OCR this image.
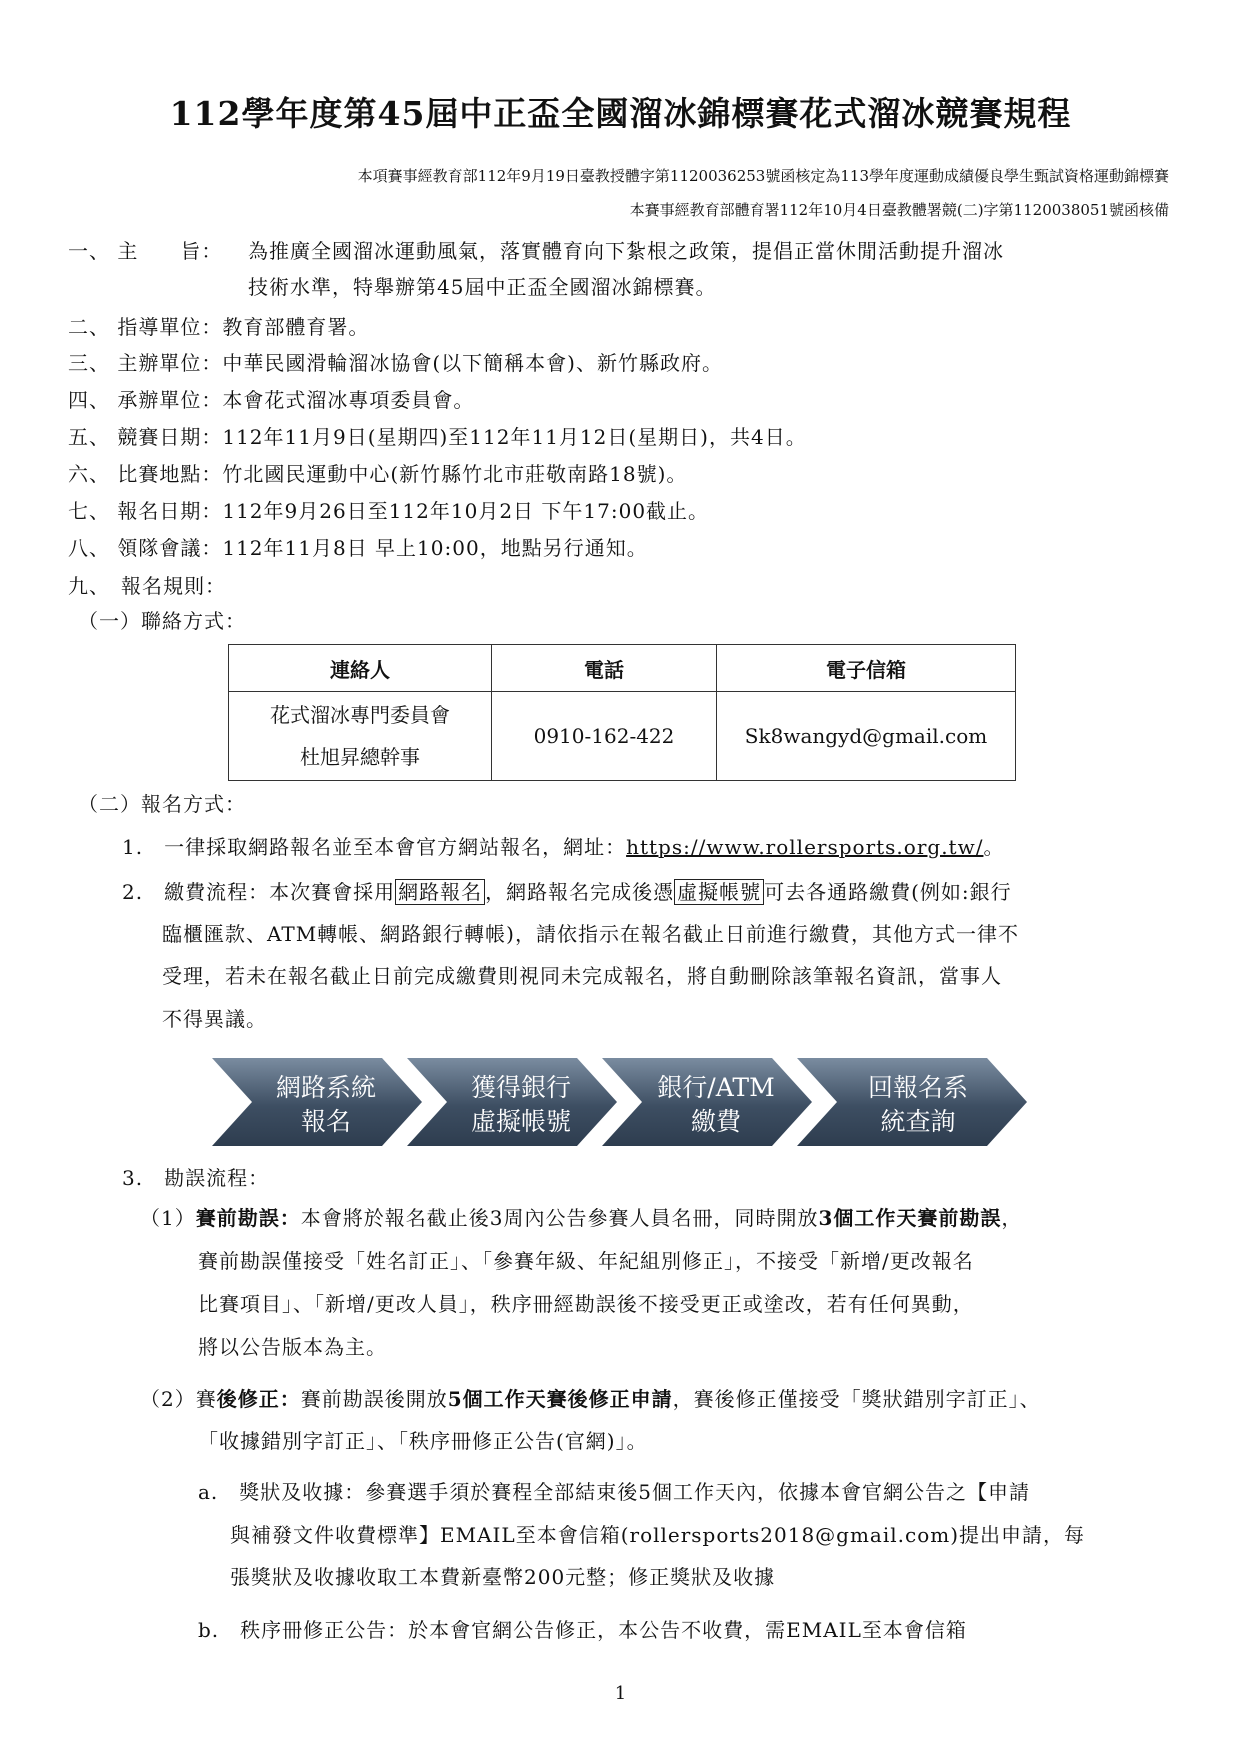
112學年度第45屆中正盃全國溜冰錦標賽花式溜冰競賽規程
本項賽事經教育部112年9月19日臺教授體字第1120036253號函核定為113學年度運動成績優良學生甄試資格運動錦標賽
本賽事經教育部體育署112年10月4日臺教體署競(二)字第1120038051號函核備
一、 主　　旨： 為推廣全國溜冰運動風氣，落實體育向下紮根之政策，提倡正當休閒活動提升溜冰
技術水準，特舉辦第45屆中正盃全國溜冰錦標賽。
二、 指導單位：教育部體育署。
三、 主辦單位：中華民國滑輪溜冰協會(以下簡稱本會)、新竹縣政府。
四、 承辦單位：本會花式溜冰專項委員會。
五、 競賽日期：112年11月9日(星期四)至112年11月12日(星期日)，共4日。
六、 比賽地點：竹北國民運動中心(新竹縣竹北市莊敬南路18號)。
七、 報名日期：112年9月26日至112年10月2日 下午17:00截止。
八、 領隊會議：112年11月8日 早上10:00，地點另行通知。
九、　報名規則：
（一）聯絡方式：
連絡人	電話	電子信箱

花式溜冰專門委員會
杜旭昇總幹事	0910-162-422	Sk8wangyd@gmail.com
（二）報名方式：
1.　一律採取網路報名並至本會官方網站報名，網址：https://www.rollersports.org.tw/。
2.　繳費流程：本次賽會採用 網路報名 ，網路報名完成後憑 虛擬帳號 可去各通路繳費(例如:銀行
臨櫃匯款、ATM轉帳、網路銀行轉帳)，請依指示在報名截止日前進行繳費，其他方式一律不
受理，若未在報名截止日前完成繳費則視同未完成報名，將自動刪除該筆報名資訊，當事人
不得異議。
網路系統
報名
獲得銀行
虛擬帳號
銀行/ATM
繳費
回報名系
統查詢
3.　勘誤流程：
（1）賽前勘誤：本會將於報名截止後3周內公告參賽人員名冊，同時開放3個工作天賽前勘誤，
賽前勘誤僅接受「姓名訂正」、「參賽年級、年紀組別修正」，不接受「新增/更改報名
比賽項目」、「新增/更改人員」，秩序冊經勘誤後不接受更正或塗改，若有任何異動，
將以公告版本為主。
（2）賽後修正：賽前勘誤後開放5個工作天賽後修正申請，賽後修正僅接受「獎狀錯別字訂正」、
「收據錯別字訂正」、「秩序冊修正公告(官網)」。
a.　獎狀及收據：參賽選手須於賽程全部結束後5個工作天內，依據本會官網公告之【申請
與補發文件收費標準】EMAIL至本會信箱(rollersports2018@gmail.com)提出申請，每
張獎狀及收據收取工本費新臺幣200元整；修正獎狀及收據
b.　秩序冊修正公告：於本會官網公告修正，本公告不收費，需EMAIL至本會信箱
1
